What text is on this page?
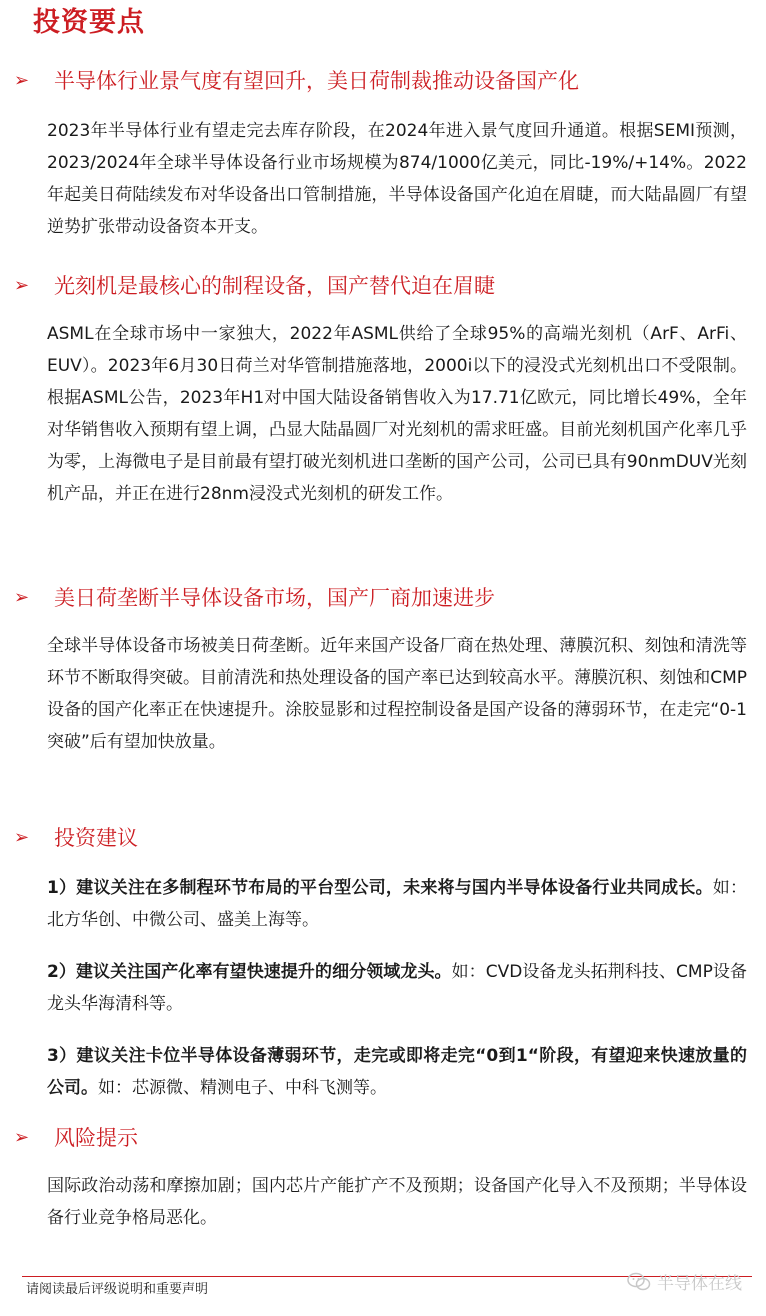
投资要点
➢	半导体行业景气度有望回升，美日荷制裁推动设备国产化

2023年半导体行业有望走完去库存阶段，在2024年进入景气度回升通道。根据SEMI预测，2023/2024年全球半导体设备行业市场规模为874/1000亿美元，同比-19%/+14%。2022年起美日荷陆续发布对华设备出口管制措施，半导体设备国产化迫在眉睫，而大陆晶圆厂有望逆势扩张带动设备资本开支。

➢	光刻机是最核心的制程设备，国产替代迫在眉睫

ASML在全球市场中一家独大，2022年ASML供给了全球95%的高端光刻机（ArF、ArFi、EUV）。2023年6月30日荷兰对华管制措施落地，2000i以下的浸没式光刻机出口不受限制。根据ASML公告，2023年H1对中国大陆设备销售收入为17.71亿欧元，同比增长49%，全年对华销售收入预期有望上调，凸显大陆晶圆厂对光刻机的需求旺盛。目前光刻机国产化率几乎为零，上海微电子是目前最有望打破光刻机进口垄断的国产公司，公司已具有90nmDUV光刻机产品，并正在进行28nm浸没式光刻机的研发工作。

➢	美日荷垄断半导体设备市场，国产厂商加速进步

全球半导体设备市场被美日荷垄断。近年来国产设备厂商在热处理、薄膜沉积、刻蚀和清洗等环节不断取得突破。目前清洗和热处理设备的国产率已达到较高水平。薄膜沉积、刻蚀和CMP设备的国产化率正在快速提升。涂胶显影和过程控制设备是国产设备的薄弱环节，在走完“0-1突破”后有望加快放量。

➢	投资建议

1）建议关注在多制程环节布局的平台型公司，未来将与国内半导体设备行业共同成长。如：北方华创、中微公司、盛美上海等。

2）建议关注国产化率有望快速提升的细分领域龙头。如：CVD设备龙头拓荆科技、CMP设备龙头华海清科等。

3）建议关注卡位半导体设备薄弱环节，走完或即将走完“0到1“阶段，有望迎来快速放量的公司。如：芯源微、精测电子、中科飞测等。

➢	风险提示

国际政治动荡和摩擦加剧；国内芯片产能扩产不及预期；设备国产化导入不及预期；半导体设备行业竞争格局恶化。

请阅读最后评级说明和重要声明	半导体在线
